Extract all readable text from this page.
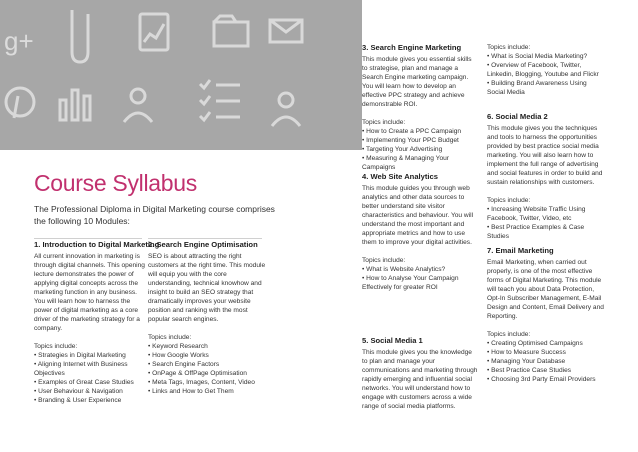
g+
Course Syllabus
The Professional Diploma in Digital Marketing course comprises the following 10 Modules:
1. Introduction to Digital Marketing

All current innovation in marketing is through digital channels. This opening lecture demonstrates the power of applying digital concepts across the marketing function in any business. You will learn how to harness the power of digital marketing as a core driver of the marketing strategy for a company.

Topics include:

• Strategies in Digital Marketing
• Aligning Internet with Business Objectives
• Examples of Great Case Studies
• User Behaviour & Navigation
• Branding & User Experience
2. Search Engine Optimisation

SEO is about attracting the right customers at the right time. This module will equip you with the core understanding, technical knowhow and insight to build an SEO strategy that dramatically improves your website position and ranking with the most popular search engines.

Topics include:

• Keyword Research
• How Google Works
• Search Engine Factors
• OnPage & OffPage Optimisation
• Meta Tags, Images, Content, Video
• Links and How to Get Them
3. Search Engine Marketing

This module gives you essential skills to strategise, plan and manage a Search Engine marketing campaign. You will learn how to develop an effective PPC strategy and achieve demonstrable ROI.

Topics include:

• How to Create a PPC Campaign
• Implementing Your PPC Budget
• Targeting Your Advertising
• Measuring & Managing Your Campaigns
4. Web Site Analytics

This module guides you through web analytics and other data sources to better understand site visitor characteristics and behaviour. You will understand the most important and appropriate metrics and how to use them to improve your digital activities.

Topics include:

• What is Website Analytics?
• How to Analyse Your Campaign Effectively for greater ROI
5. Social Media 1

This module gives you the knowledge to plan and manage your communications and marketing through rapidly emerging and influential social networks. You will understand how to engage with customers across a wide range of social media platforms.

Topics include:

• What is Social Media Marketing?
• Overview of Facebook, Twitter, Linkedin, Blogging, Youtube and Flickr
• Building Brand Awareness Using Social Media
6. Social Media 2

This module gives you the techniques and tools to harness the opportunities provided by best practice social media marketing. You will also learn how to implement the full range of advertising and social features in order to build and sustain relationships with customers.

Topics include:

• Increasing Website Traffic Using Facebook, Twitter, Video, etc
• Best Practice Examples & Case Studies
7. Email Marketing

Email Marketing, when carried out properly, is one of the most effective forms of Digital Marketing. This module will teach you about Data Protection, Opt-In Subscriber Management, E-Mail Design and Content, Email Delivery and Reporting.

Topics include:

• Creating Optimised Campaigns
• How to Measure Success
• Managing Your Database
• Best Practice Case Studies
• Choosing 3rd Party Email Providers
